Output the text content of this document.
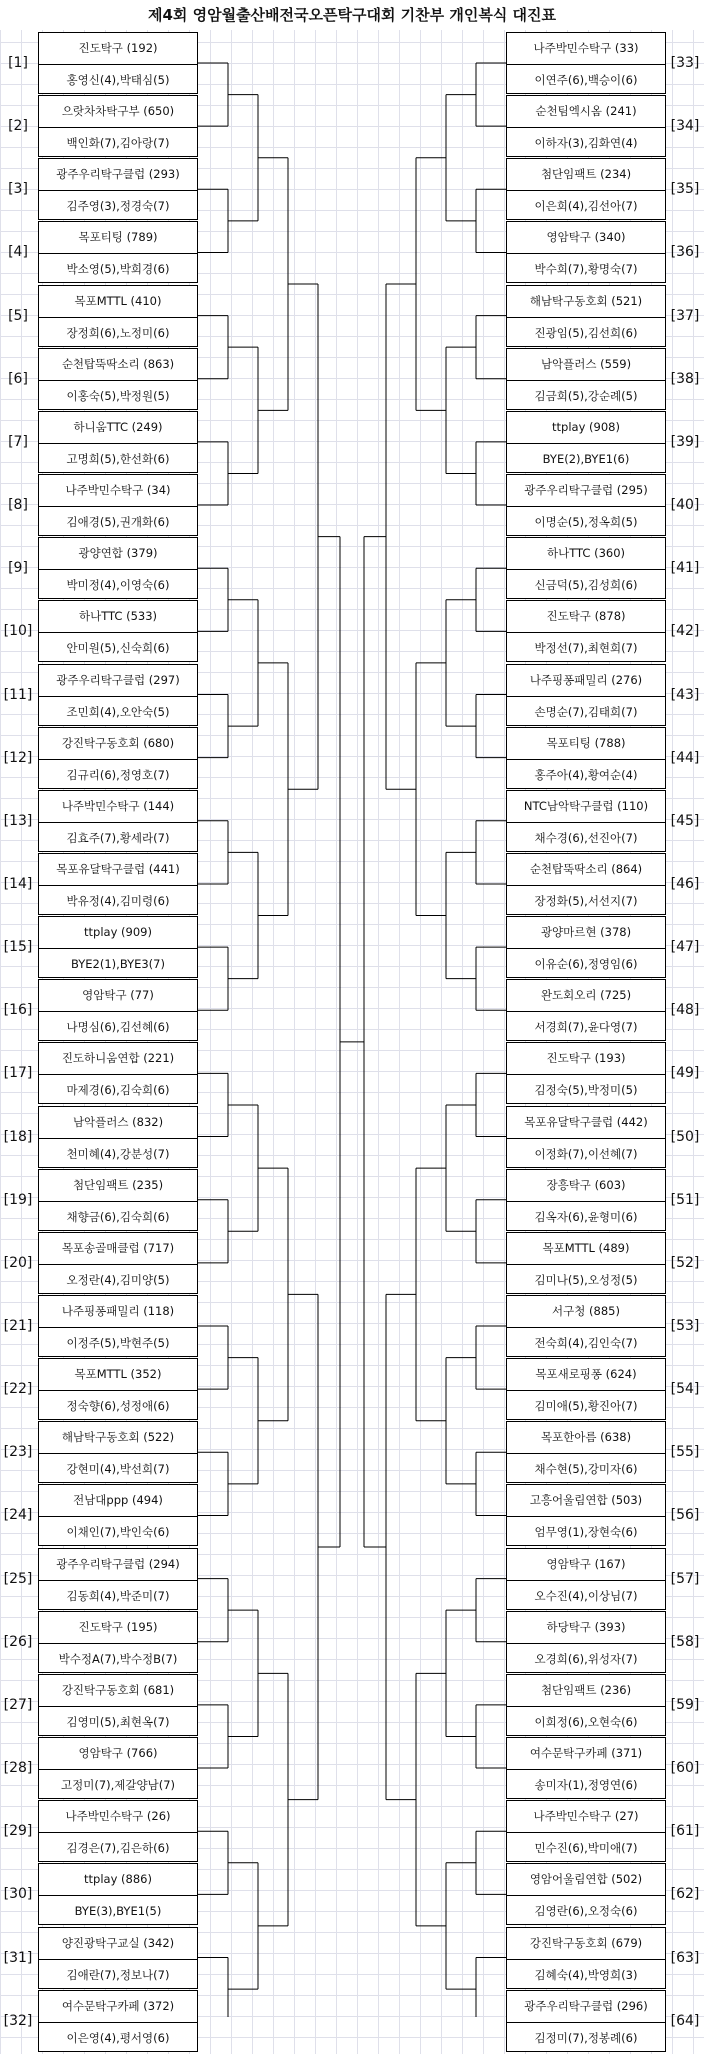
제4회 영암월출산배전국오픈탁구대회 기찬부 개인복식 대진표
[1]
진도탁구 (192)
홍영신(4),박태심(5)
[2]
으랏차차탁구부 (650)
백인화(7),김아랑(7)
[3]
광주우리탁구클럽 (293)
김주영(3),정경숙(7)
[4]
목포티팅 (789)
박소영(5),박희경(6)
[5]
목포MTTL (410)
장정희(6),노정미(6)
[6]
순천탑뚝딱소리 (863)
이홍숙(5),박정원(5)
[7]
하니움TTC (249)
고명희(5),한선화(6)
[8]
나주박민수탁구 (34)
김애경(5),권개화(6)
[9]
광양연합 (379)
박미정(4),이영숙(6)
[10]
하나TTC (533)
안미원(5),신숙희(6)
[11]
광주우리탁구클럽 (297)
조민희(4),오안숙(5)
[12]
강진탁구동호회 (680)
김규리(6),정영호(7)
[13]
나주박민수탁구 (144)
김효주(7),황세라(7)
[14]
목포유달탁구클럽 (441)
박유정(4),김미령(6)
[15]
ttplay (909)
BYE2(1),BYE3(7)
[16]
영암탁구 (77)
나명심(6),김선혜(6)
[17]
진도하니움연합 (221)
마제경(6),김숙희(6)
[18]
남악플러스 (832)
천미혜(4),강분성(7)
[19]
첨단임팩트 (235)
채향금(6),김숙희(6)
[20]
목포송골매클럽 (717)
오정란(4),김미양(5)
[21]
나주핑퐁패밀리 (118)
이정주(5),박현주(5)
[22]
목포MTTL (352)
정숙향(6),성정애(6)
[23]
해남탁구동호회 (522)
강현미(4),박선희(7)
[24]
전남대ppp (494)
이채인(7),박인숙(6)
[25]
광주우리탁구클럽 (294)
김동희(4),박준미(7)
[26]
진도탁구 (195)
박수정A(7),박수정B(7)
[27]
강진탁구동호회 (681)
김영미(5),최현옥(7)
[28]
영암탁구 (766)
고정미(7),제갈양남(7)
[29]
나주박민수탁구 (26)
김경은(7),김은하(6)
[30]
ttplay (886)
BYE(3),BYE1(5)
[31]
양진광탁구교실 (342)
김애란(7),정보나(7)
[32]
여수문탁구카페 (372)
이은영(4),평서영(6)
[33]
나주박민수탁구 (33)
이연주(6),백승이(6)
[34]
순천팀엑시옴 (241)
이하자(3),김화연(4)
[35]
첨단임팩트 (234)
이은희(4),김선아(7)
[36]
영암탁구 (340)
박수희(7),황명숙(7)
[37]
해남탁구동호회 (521)
진광임(5),김선희(6)
[38]
남악플러스 (559)
김금희(5),강순례(5)
[39]
ttplay (908)
BYE(2),BYE1(6)
[40]
광주우리탁구클럽 (295)
이명순(5),정옥희(5)
[41]
하나TTC (360)
신금덕(5),김성희(6)
[42]
진도탁구 (878)
박정선(7),최현희(7)
[43]
나주핑퐁패밀리 (276)
손명순(7),김태희(7)
[44]
목포티팅 (788)
홍주아(4),황여순(4)
[45]
NTC남악탁구클럽 (110)
채수경(6),선진아(7)
[46]
순천탑뚝딱소리 (864)
장정화(5),서선지(7)
[47]
광양마르현 (378)
이유순(6),정영임(6)
[48]
완도회오리 (725)
서경희(7),윤다영(7)
[49]
진도탁구 (193)
김정숙(5),박정미(5)
[50]
목포유달탁구클럽 (442)
이정화(7),이선혜(7)
[51]
장흥탁구 (603)
김옥자(6),윤형미(6)
[52]
목포MTTL (489)
김미나(5),오성정(5)
[53]
서구청 (885)
전숙희(4),김인숙(7)
[54]
목포새로핑퐁 (624)
김미애(5),황진아(7)
[55]
목포한아름 (638)
채수현(5),강미자(6)
[56]
고흥어울림연합 (503)
엄무영(1),장현숙(6)
[57]
영암탁구 (167)
오수진(4),이상님(7)
[58]
하당탁구 (393)
오경희(6),위성자(7)
[59]
첨단임팩트 (236)
이희정(6),오현숙(6)
[60]
여수문탁구카페 (371)
송미자(1),정영연(6)
[61]
나주박민수탁구 (27)
민수진(6),박미애(7)
[62]
영암어울림연합 (502)
김영란(6),오정숙(6)
[63]
강진탁구동호회 (679)
김혜숙(4),박영희(3)
[64]
광주우리탁구클럽 (296)
김정미(7),정봉례(6)
